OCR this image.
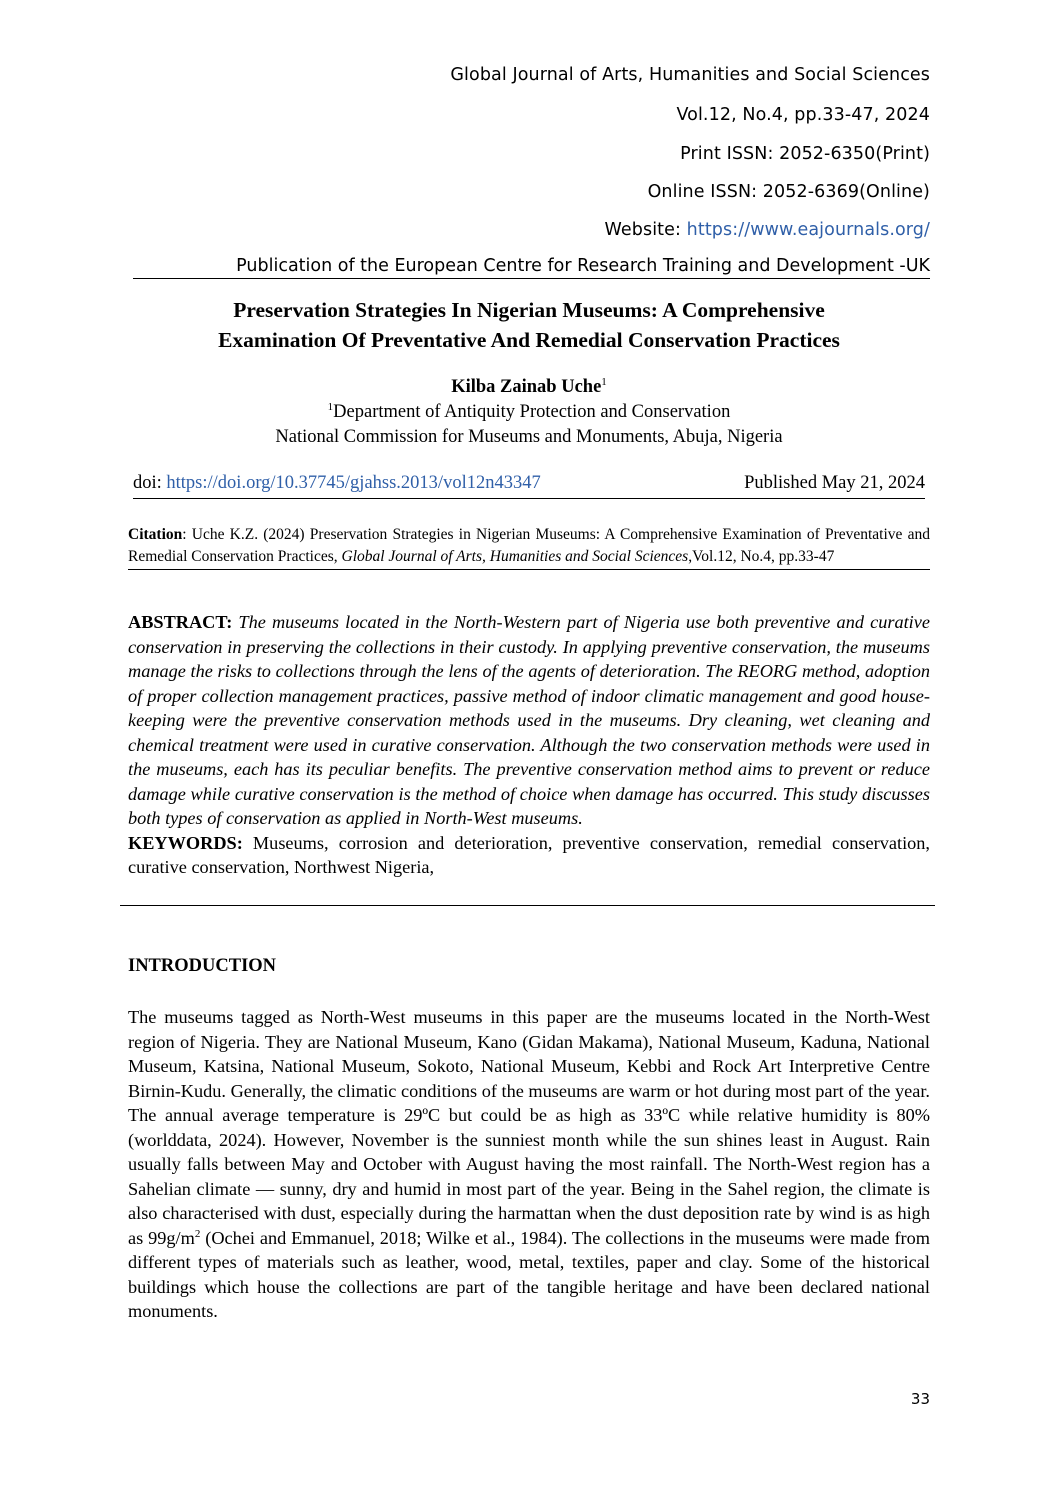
Global Journal of Arts, Humanities and Social Sciences
Vol.12, No.4, pp.33-47, 2024
Print ISSN: 2052-6350(Print)
Online ISSN: 2052-6369(Online)
Website: https://www.eajournals.org/
Publication of the European Centre for Research Training and Development -UK
Preservation Strategies In Nigerian Museums: A Comprehensive
Examination Of Preventative And Remedial Conservation Practices
Kilba Zainab Uche$^1$
$^1$Department of Antiquity Protection and Conservation
National Commission for Museums and Monuments, Abuja, Nigeria
doi: https://doi.org/10.37745/gjahss.2013/vol12n43347	Published May 21, 2024
Citation: Uche K.Z. (2024) Preservation Strategies in Nigerian Museums: A Comprehensive Examination of Preventative and Remedial Conservation Practices, Global Journal of Arts, Humanities and Social Sciences,Vol.12, No.4, pp.33-47
ABSTRACT: The museums located in the North-Western part of Nigeria use both preventive and curative conservation in preserving the collections in their custody. In applying preventive conservation, the museums manage the risks to collections through the lens of the agents of deterioration. The REORG method, adoption of proper collection management practices, passive method of indoor climatic management and good house-keeping were the preventive conservation methods used in the museums. Dry cleaning, wet cleaning and chemical treatment were used in curative conservation. Although the two conservation methods were used in the museums, each has its peculiar benefits. The preventive conservation method aims to prevent or reduce damage while curative conservation is the method of choice when damage has occurred. This study discusses both types of conservation as applied in North-West museums.
KEYWORDS: Museums, corrosion and deterioration, preventive conservation, remedial conservation, curative conservation, Northwest Nigeria,
INTRODUCTION
The museums tagged as North-West museums in this paper are the museums located in the North-West region of Nigeria. They are National Museum, Kano (Gidan Makama), National Museum, Kaduna, National Museum, Katsina, National Museum, Sokoto, National Museum, Kebbi and Rock Art Interpretive Centre Birnin-Kudu. Generally, the climatic conditions of the museums are warm or hot during most part of the year. The annual average temperature is 29ºC but could be as high as 33ºC while relative humidity is 80% (worlddata, 2024). However, November is the sunniest month while the sun shines least in August. Rain usually falls between May and October with August having the most rainfall. The North-West region has a Sahelian climate — sunny, dry and humid in most part of the year. Being in the Sahel region, the climate is also characterised with dust, especially during the harmattan when the dust deposition rate by wind is as high as $99g/m^2$ (Ochei and Emmanuel, 2018; Wilke et al., 1984). The collections in the museums were made from different types of materials such as leather, wood, metal, textiles, paper and clay. Some of the historical buildings which house the collections are part of the tangible heritage and have been declared national monuments.
33
